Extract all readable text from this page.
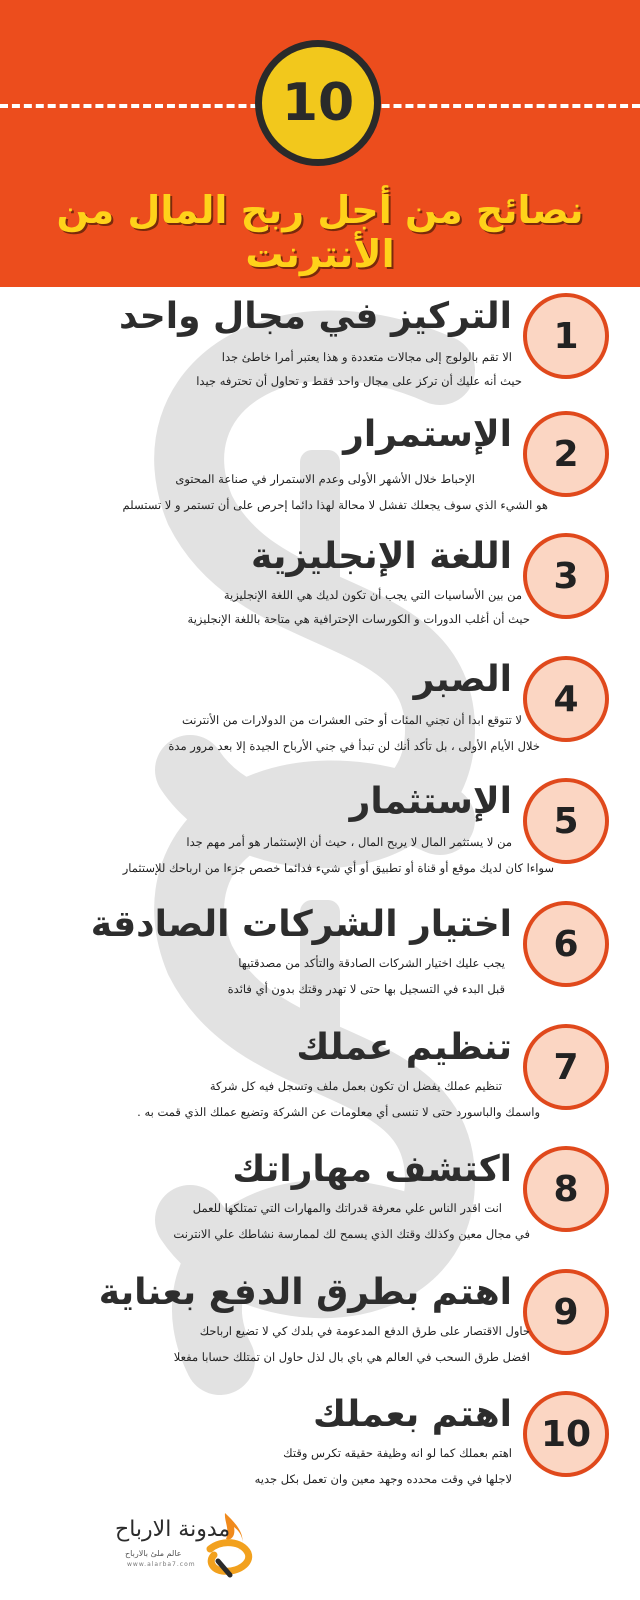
10
نصائح من أجل ربح المال من الأنترنت
1
التركيز في مجال واحد
الا تقم بالولوج إلى مجالات متعددة و هذا يعتبر أمرا خاطئ جدا
حيث أنه عليك أن تركز على مجال واحد فقط و تحاول أن تحترفه جيدا
2
الإستمرار
الإحباط خلال الأشهر الأولى وعدم الاستمرار في صناعة المحتوى
هو الشيء الذي سوف يجعلك تفشل لا محالة لهذا دائما إحرص على أن تستمر و لا تستسلم
3
اللغة الإنجليزية
من بين الأساسيات التي يجب أن تكون لديك هي اللغة الإنجليزية
حيث أن أغلب الدورات و الكورسات الإحترافية هي متاحة باللغة الإنجليزية
4
الصبر
لا تتوقع ابدا أن تجني المئات أو حتى العشرات من الدولارات من الأنترنت
خلال الأيام الأولى ، بل تأكد أنك لن تبدأ في جني الأرباح الجيدة إلا بعد مرور مدة
5
الإستثمار
من لا يستثمر المال لا يربح المال ، حيث أن الإستثمار هو أمر مهم جدا
سواءا كان لديك موقع أو قناة أو تطبيق أو أي شيء فدائما خصص جزءا من ارباحك للإستثمار
6
اختيار الشركات الصادقة
يجب عليك اختيار الشركات الصادقة والتأكد من مصدقتيها
قبل البدء في التسجيل بها حتى لا تهدر وقتك بدون أي فائدة
7
تنظيم عملك
تنظيم عملك يفضل ان تكون بعمل ملف وتسجل فيه كل شركة
واسمك والباسورد حتى لا تنسى أي معلومات عن الشركة وتضيع عملك الذي قمت به .
8
اكتشف مهاراتك
انت اقدر الناس علي معرفة قدراتك والمهارات التي تمتلكها للعمل
في مجال معين وكذلك وقتك الذي يسمح لك لممارسة نشاطك علي الانترنت
9
اهتم بطرق الدفع بعناية
حاول الاقتصار على طرق الدفع المدعومة في بلدك كي لا تضيع ارباحك
افضل طرق السحب في العالم هي باي بال لذل حاول ان تمتلك حسابا مفعلا
10
اهتم بعملك
اهتم بعملك كما لو انه وظيفة حقيقه تكرس وقتك
لاجلها في وقت محدده وجهد معين وان تعمل بكل جديه
مدونة الارباح
عالم ملئ بالارباح
www.alarba7.com
